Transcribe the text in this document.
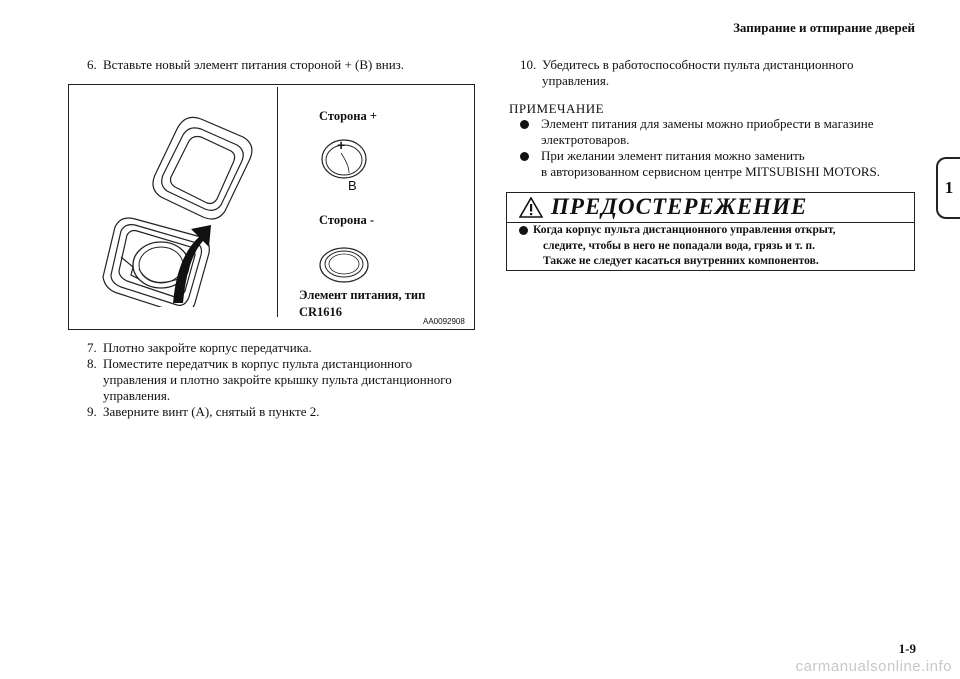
Запирание и отпирание дверей
1
6. Вставьте новый элемент питания стороной + (B) вниз.
Сторона +
+
B
Сторона -
Элемент питания, тип
CR1616
AA0092908
7. Плотно закройте корпус передатчика.
8. Поместите передатчик в корпус пульта дистанционного
управления и плотно закройте крышку пульта дистанционного
управления.
9. Заверните винт (A), снятый в пункте 2.
10. Убедитесь в работоспособности пульта дистанционного
управления.
ПРИМЕЧАНИЕ
Элемент питания для замены можно приобрести в магазине
электротоваров.
При желании элемент питания можно заменить
в авторизованном сервисном центре MITSUBISHI MOTORS.
ПРЕДОСТЕРЕЖЕНИЕ
Когда корпус пульта дистанционного управления открыт,
следите, чтобы в него не попадали вода, грязь и т. п.
Также не следует касаться внутренних компонентов.
1-9
carmanualsonline.info
